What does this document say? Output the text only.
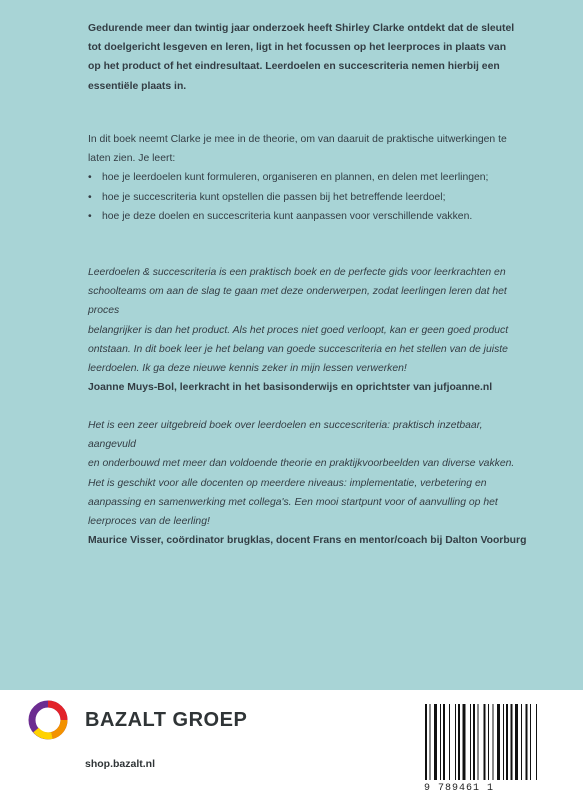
Gedurende meer dan twintig jaar onderzoek heeft Shirley Clarke ontdekt dat de sleutel
tot doelgericht lesgeven en leren, ligt in het focussen op het leerproces in plaats van
op het product of het eindresultaat. Leerdoelen en succescriteria nemen hierbij een
essentiële plaats in.
In dit boek neemt Clarke je mee in de theorie, om van daaruit de praktische uitwerkingen te
laten zien. Je leert:
• hoe je leerdoelen kunt formuleren, organiseren en plannen, en delen met leerlingen;
• hoe je succescriteria kunt opstellen die passen bij het betreffende leerdoel;
• hoe je deze doelen en succescriteria kunt aanpassen voor verschillende vakken.
Leerdoelen & succescriteria is een praktisch boek en de perfecte gids voor leerkrachten en
schoolteams om aan de slag te gaan met deze onderwerpen, zodat leerlingen leren dat het proces
belangrijker is dan het product. Als het proces niet goed verloopt, kan er geen goed product
ontstaan. In dit boek leer je het belang van goede succescriteria en het stellen van de juiste
leerdoelen. Ik ga deze nieuwe kennis zeker in mijn lessen verwerken!
Joanne Muys-Bol, leerkracht in het basisonderwijs en oprichtster van jufjoanne.nl
Het is een zeer uitgebreid boek over leerdoelen en succescriteria: praktisch inzetbaar, aangevuld
en onderbouwd met meer dan voldoende theorie en praktijkvoorbeelden van diverse vakken.
Het is geschikt voor alle docenten op meerdere niveaus: implementatie, verbetering en
aanpassing en samenwerking met collega's. Een mooi startpunt voor of aanvulling op het
leerproces van de leerling!
Maurice Visser, coördinator brugklas, docent Frans en mentor/coach bij Dalton Voorburg
BAZALT GROEP
shop.bazalt.nl
9 789461 1
